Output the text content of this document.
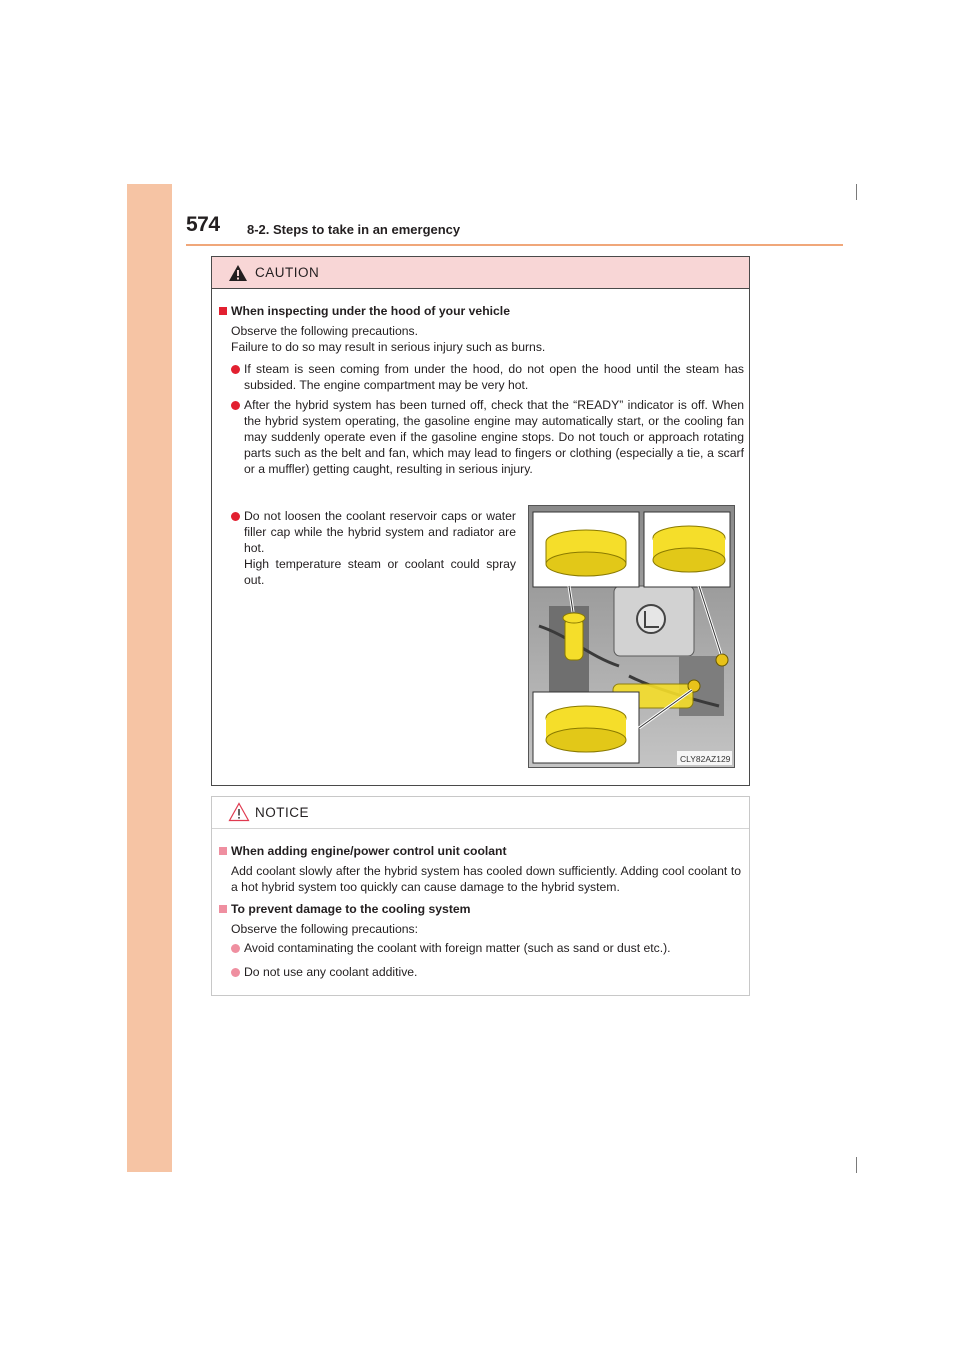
574 8-2. Steps to take in an emergency
CAUTION
When inspecting under the hood of your vehicle
Observe the following precautions.
Failure to do so may result in serious injury such as burns.
If steam is seen coming from under the hood, do not open the hood until the steam has subsided. The engine compartment may be very hot.
After the hybrid system has been turned off, check that the “READY” indicator is off. When the hybrid system operating, the gasoline engine may automatically start, or the cooling fan may suddenly operate even if the gasoline engine stops. Do not touch or approach rotating parts such as the belt and fan, which may lead to fingers or clothing (especially a tie, a scarf or a muffler) getting caught, resulting in serious injury.
Do not loosen the coolant reservoir caps or water filler cap while the hybrid system and radiator are hot.
High temperature steam or coolant could spray out.
CLY82AZ129
NOTICE
When adding engine/power control unit coolant
Add coolant slowly after the hybrid system has cooled down sufficiently. Adding cool coolant to a hot hybrid system too quickly can cause damage to the hybrid system.
To prevent damage to the cooling system
Observe the following precautions:
Avoid contaminating the coolant with foreign matter (such as sand or dust etc.).
Do not use any coolant additive.
